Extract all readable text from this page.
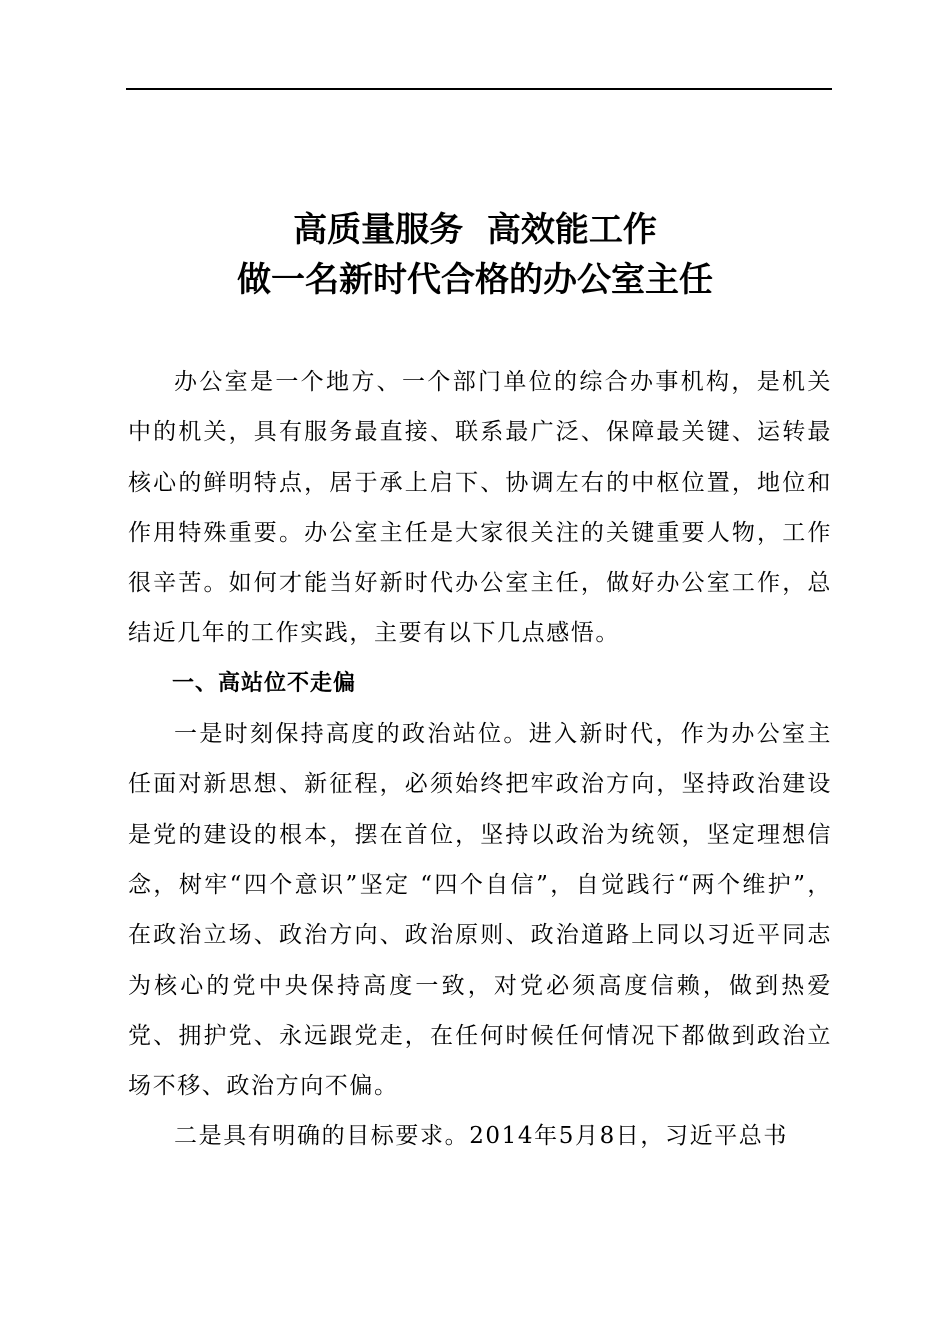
高质量服务  高效能工作
做一名新时代合格的办公室主任

办公室是一个地方、一个部门单位的综合办事机构，是机关中的机关，具有服务最直接、联系最广泛、保障最关键、运转最核心的鲜明特点，居于承上启下、协调左右的中枢位置，地位和作用特殊重要。办公室主任是大家很关注的关键重要人物，工作很辛苦。如何才能当好新时代办公室主任，做好办公室工作，总结近几年的工作实践，主要有以下几点感悟。

一、高站位不走偏

一是时刻保持高度的政治站位。进入新时代，作为办公室主任面对新思想、新征程，必须始终把牢政治方向，坚持政治建设是党的建设的根本，摆在首位，坚持以政治为统领，坚定理想信念，树牢“四个意识”坚定 “四个自信”，自觉践行“两个维护”，在政治立场、政治方向、政治原则、政治道路上同以习近平同志为核心的党中央保持高度一致，对党必须高度信赖，做到热爱党、拥护党、永远跟党走，在任何时候任何情况下都做到政治立场不移、政治方向不偏。

二是具有明确的目标要求。2014年5月8日，习近平总书
